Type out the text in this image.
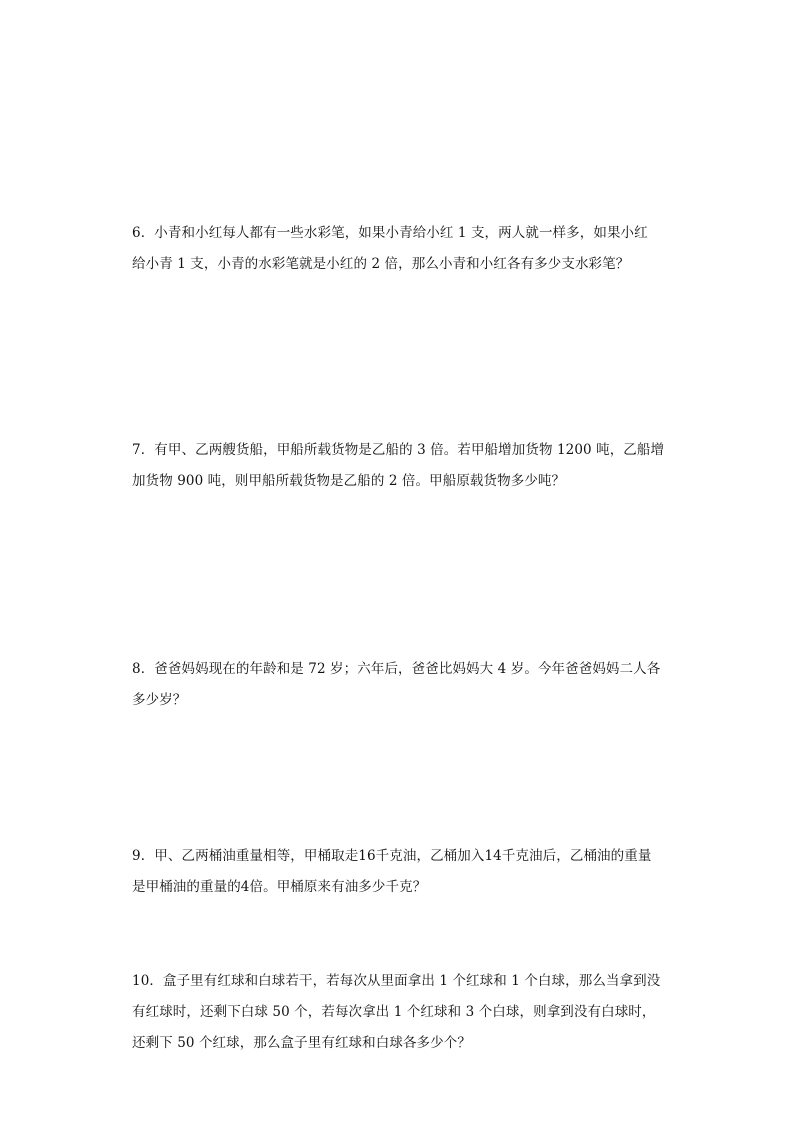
6．小青和小红每人都有一些水彩笔，如果小青给小红 1 支，两人就一样多，如果小红
给小青 1 支，小青的水彩笔就是小红的 2 倍，那么小青和小红各有多少支水彩笔？

7．有甲、乙两艘货船，甲船所载货物是乙船的 3 倍。若甲船增加货物 1200 吨，乙船增
加货物 900 吨，则甲船所载货物是乙船的 2 倍。甲船原载货物多少吨？

8．爸爸妈妈现在的年龄和是 72 岁；六年后，爸爸比妈妈大 4 岁。今年爸爸妈妈二人各
多少岁？

9．甲、乙两桶油重量相等，甲桶取走16千克油，乙桶加入14千克油后，乙桶油的重量
是甲桶油的重量的4倍。甲桶原来有油多少千克？

10．盒子里有红球和白球若干，若每次从里面拿出 1 个红球和 1 个白球，那么当拿到没
有红球时，还剩下白球 50 个，若每次拿出 1 个红球和 3 个白球，则拿到没有白球时，
还剩下 50 个红球，那么盒子里有红球和白球各多少个？
